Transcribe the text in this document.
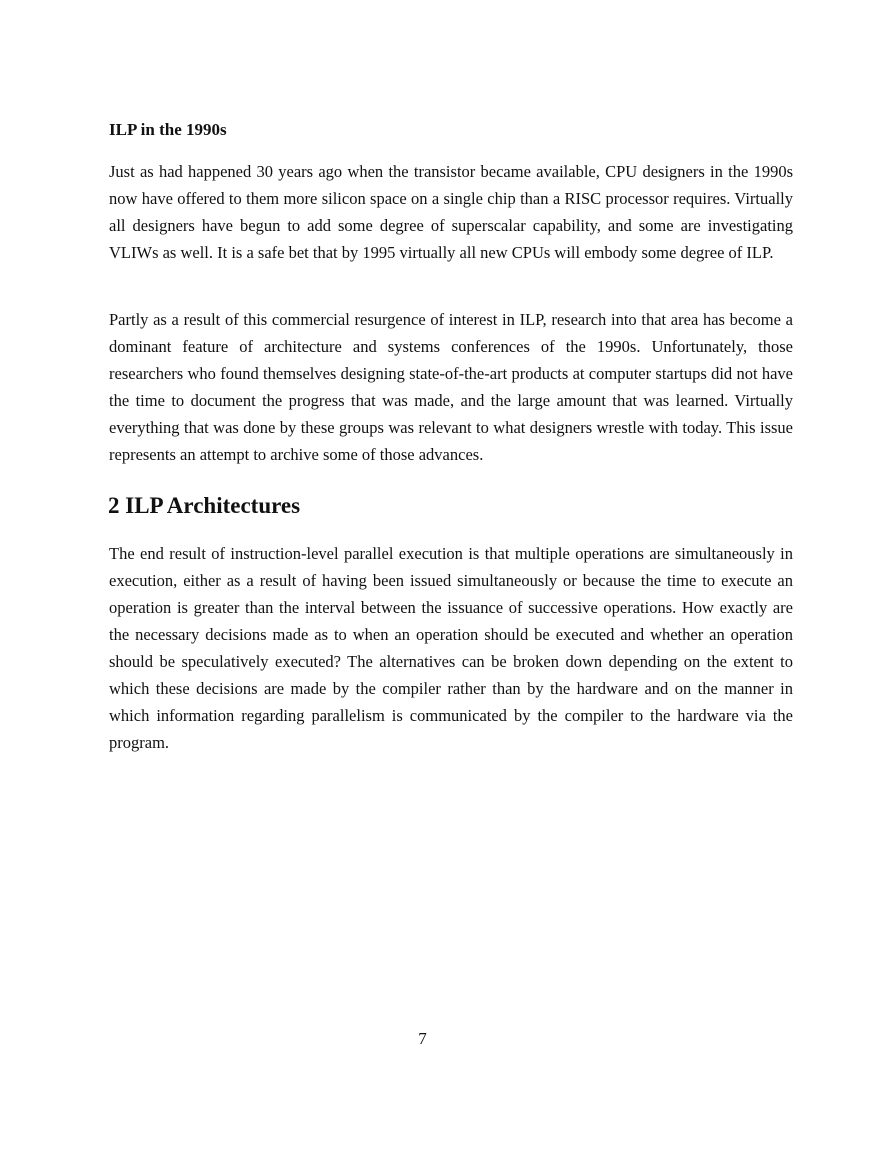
ILP in the 1990s

Just as had happened 30 years ago when the transistor became available, CPU designers in the 1990s now have offered to them more silicon space on a single chip than a RISC processor requires. Virtually all designers have begun to add some degree of superscalar capability, and some are investigating VLIWs as well. It is a safe bet that by 1995 virtually all new CPUs will embody some degree of ILP.

Partly as a result of this commercial resurgence of interest in ILP, research into that area has become a dominant feature of architecture and systems conferences of the 1990s. Unfortunately, those researchers who found themselves designing state-of-the-art products at computer startups did not have the time to document the progress that was made, and the large amount that was learned. Virtually everything that was done by these groups was relevant to what designers wrestle with today. This issue represents an attempt to archive some of those advances.

2 ILP Architectures

The end result of instruction-level parallel execution is that multiple operations are simultaneously in execution, either as a result of having been issued simultaneously or because the time to execute an operation is greater than the interval between the issuance of successive operations. How exactly are the necessary decisions made as to when an operation should be executed and whether an operation should be speculatively executed? The alternatives can be broken down depending on the extent to which these decisions are made by the compiler rather than by the hardware and on the manner in which information regarding parallelism is communicated by the compiler to the hardware via the program.

7
